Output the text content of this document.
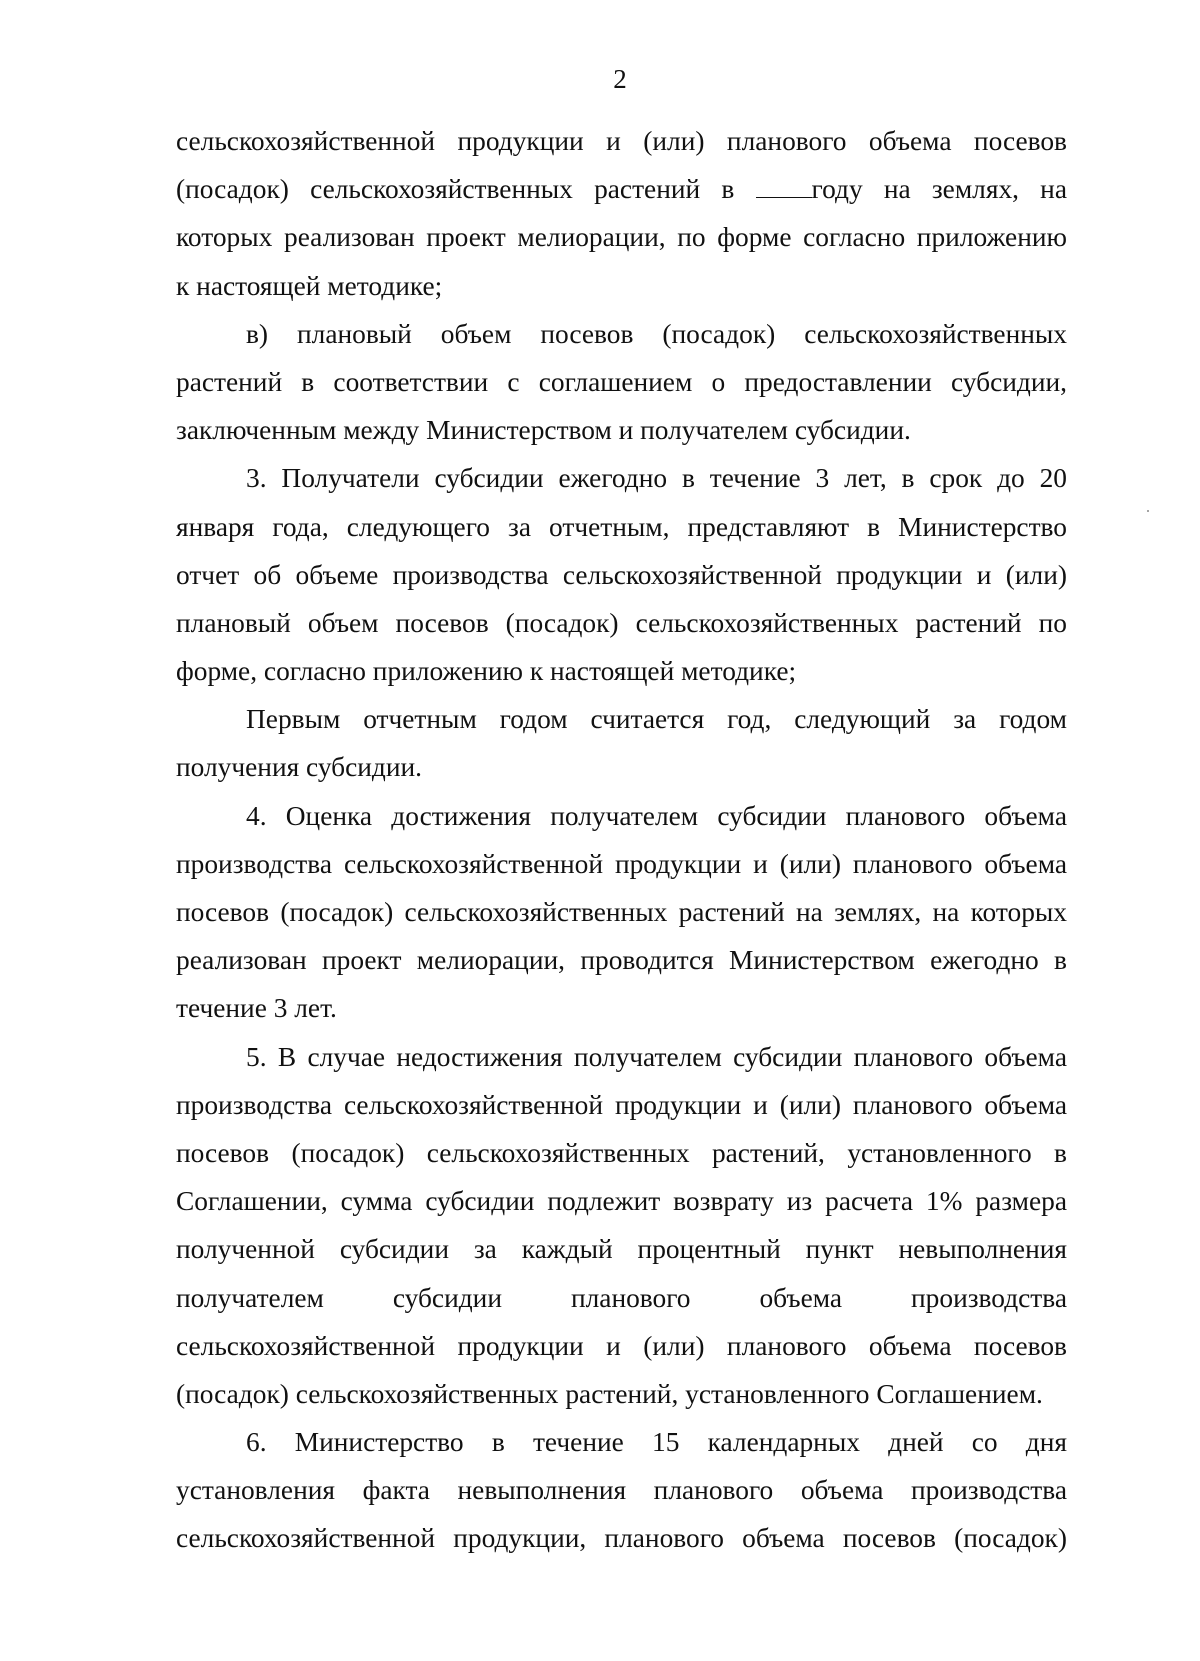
2
сельскохозяйственной продукции и (или) планового объема посевов
(посадок) сельскохозяйственных растений в	году на землях, на
которых реализован проект мелиорации, по форме согласно приложению
к настоящей методике;
в) плановый объем посевов (посадок) сельскохозяйственных
растений в соответствии с соглашением о предоставлении субсидии,
заключенным между Министерством и получателем субсидии.
3. Получатели субсидии ежегодно в течение 3 лет, в срок до 20
января года, следующего за отчетным, представляют в Министерство
отчет об объеме производства сельскохозяйственной продукции и (или)
плановый объем посевов (посадок) сельскохозяйственных растений по
форме, согласно приложению к настоящей методике;
Первым отчетным годом считается год, следующий за годом
получения субсидии.
4. Оценка достижения получателем субсидии планового объема
производства сельскохозяйственной продукции и (или) планового объема
посевов (посадок) сельскохозяйственных растений на землях, на которых
реализован проект мелиорации, проводится Министерством ежегодно в
течение 3 лет.
5. В случае недостижения получателем субсидии планового объема
производства сельскохозяйственной продукции и (или) планового объема
посевов (посадок) сельскохозяйственных растений, установленного в
Соглашении, сумма субсидии подлежит возврату из расчета 1% размера
полученной субсидии за каждый процентный пункт невыполнения
получателем субсидии планового объема производства
сельскохозяйственной продукции и (или) планового объема посевов
(посадок) сельскохозяйственных растений, установленного Соглашением.
6. Министерство в течение 15 календарных дней со дня
установления факта невыполнения планового объема производства
сельскохозяйственной продукции, планового объема посевов (посадок)
